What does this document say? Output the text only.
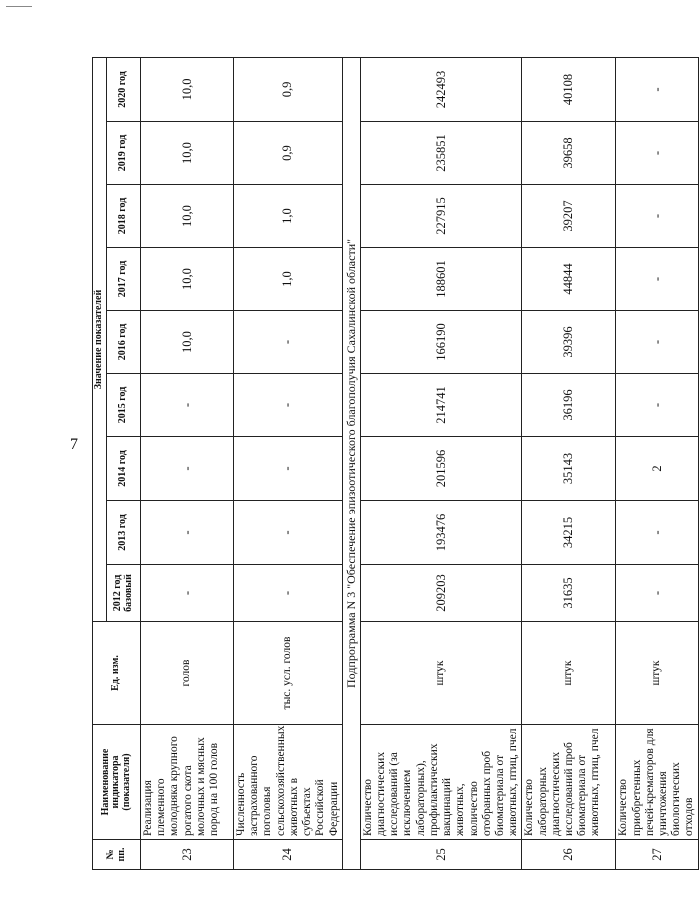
7
№ пп.	Наименование индикатора (показателя)	Ед. изм.	Значение показателей								
			2012 год базовый	2013 год	2014 год	2015 год	2016 год	2017 год	2018 год	2019 год	2020 год
23	Реализация племенного молодняка крупного рогатого скота молочных и мясных пород на 100 голов	голов	-	-	-	-	10,0	10,0	10,0	10,0	10,0
24	Численность застрахованного поголовья сельскохозяйственных животных в субъектах Российской Федерации	тыс. усл. голов	-	-	-	-	-	1,0	1,0	0,9	0,9
Подпрограмма N 3 "Обеспечение эпизоотического благополучия Сахалинской области"											
25	Количество диагностических исследований (за исключением лабораторных), профилактических вакцинаций животных, количество отобранных проб биоматериала от животных, птиц, пчел	штук	209203	193476	201596	214741	166190	188601	227915	235851	242493
26	Количество лабораторных диагностических исследований проб биоматериала от животных, птиц, пчел	штук	31635	34215	35143	36196	39396	44844	39207	39658	40108
27	Количество приобретенных печей-крематоров для уничтожения биологических отходов	штук	-	-	2	-	-	-	-	-	-
